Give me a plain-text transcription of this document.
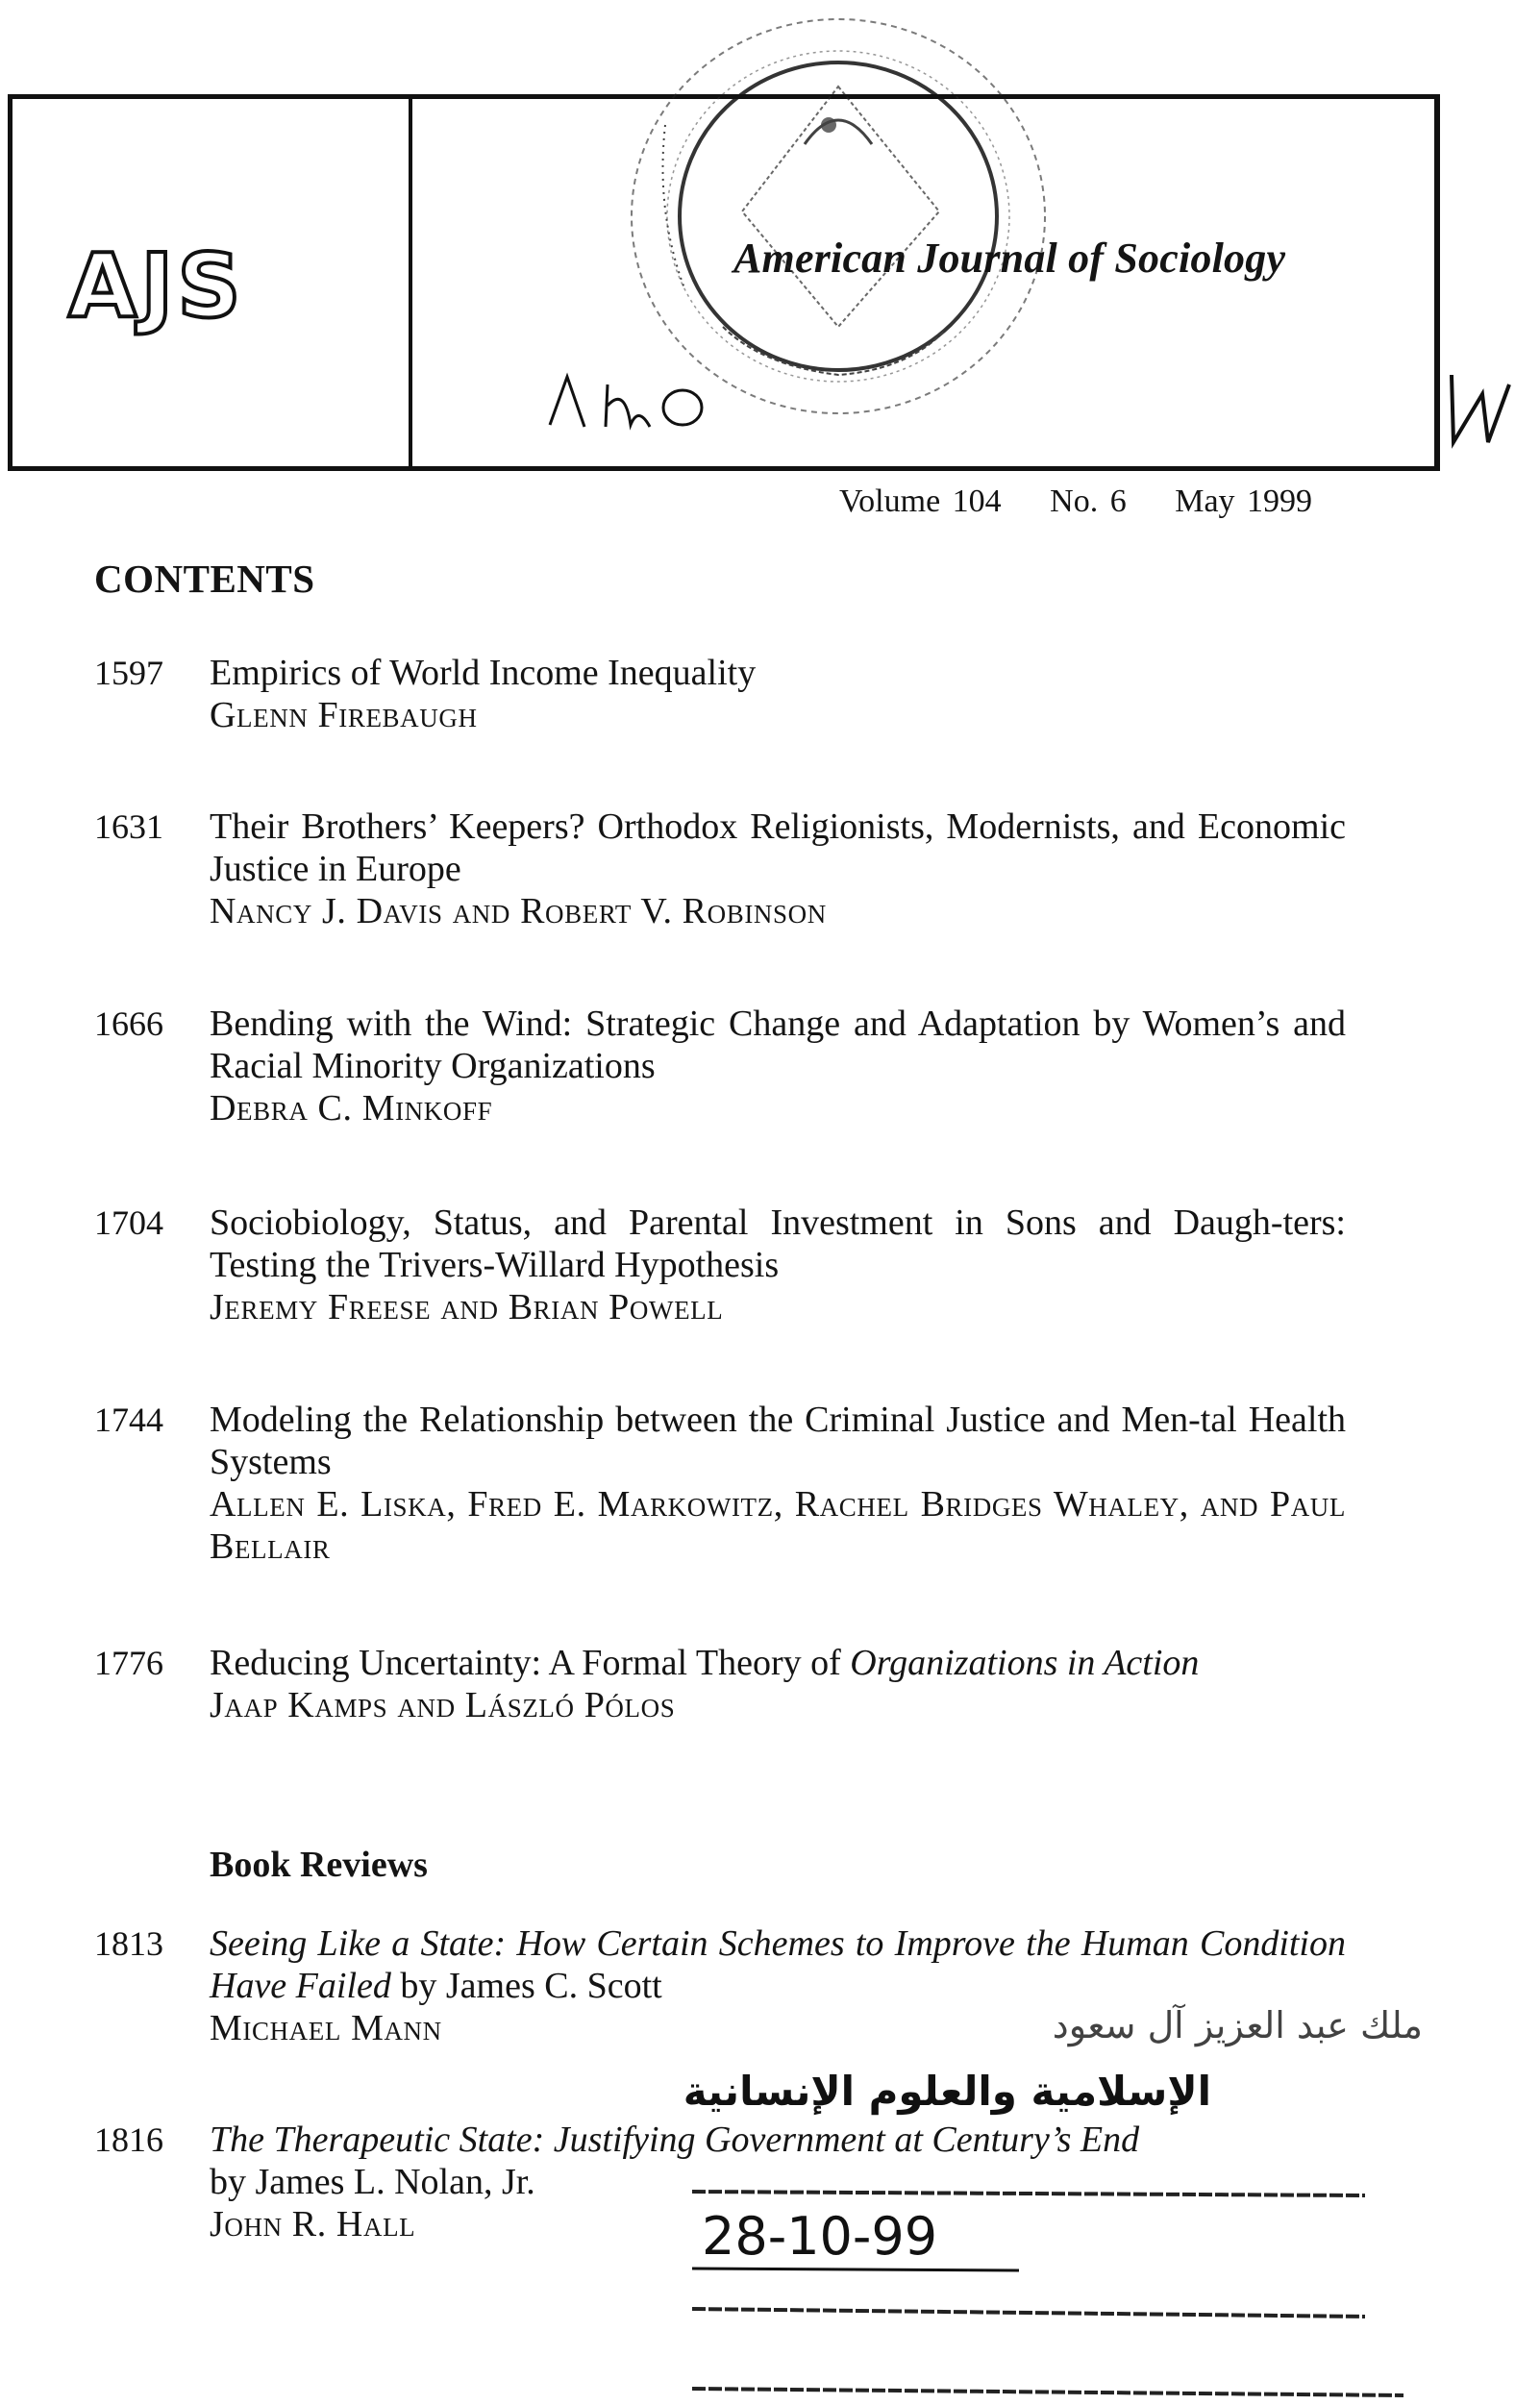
AJS	American Journal of Sociology
Volume 104 No. 6 May 1999
۱۴۰
ک
CONTENTS
1597 Empirics of World Income Inequality
Glenn Firebaugh
1631 Their Brothers’ Keepers? Orthodox Religionists, Modernists, and Economic Justice in Europe
Nancy J. Davis and Robert V. Robinson
1666 Bending with the Wind: Strategic Change and Adaptation by Women’s and Racial Minority Organizations
Debra C. Minkoff
1704 Sociobiology, Status, and Parental Investment in Sons and Daugh-ters: Testing the Trivers-Willard Hypothesis
Jeremy Freese and Brian Powell
1744 Modeling the Relationship between the Criminal Justice and Men-tal Health Systems
Allen E. Liska, Fred E. Markowitz, Rachel Bridges Whaley, and Paul Bellair
1776 Reducing Uncertainty: A Formal Theory of Organizations in Action
Jaap Kamps and László Pólos
Book Reviews
1813 Seeing Like a State: How Certain Schemes to Improve the Human Condition Have Failed by James C. Scott
Michael Mann
1816 The Therapeutic State: Justifying Government at Century’s End
by James L. Nolan, Jr.
John R. Hall
ملك عبد العزيز آل سعود
الإسلامية والعلوم الإنسانية
28-10-99
